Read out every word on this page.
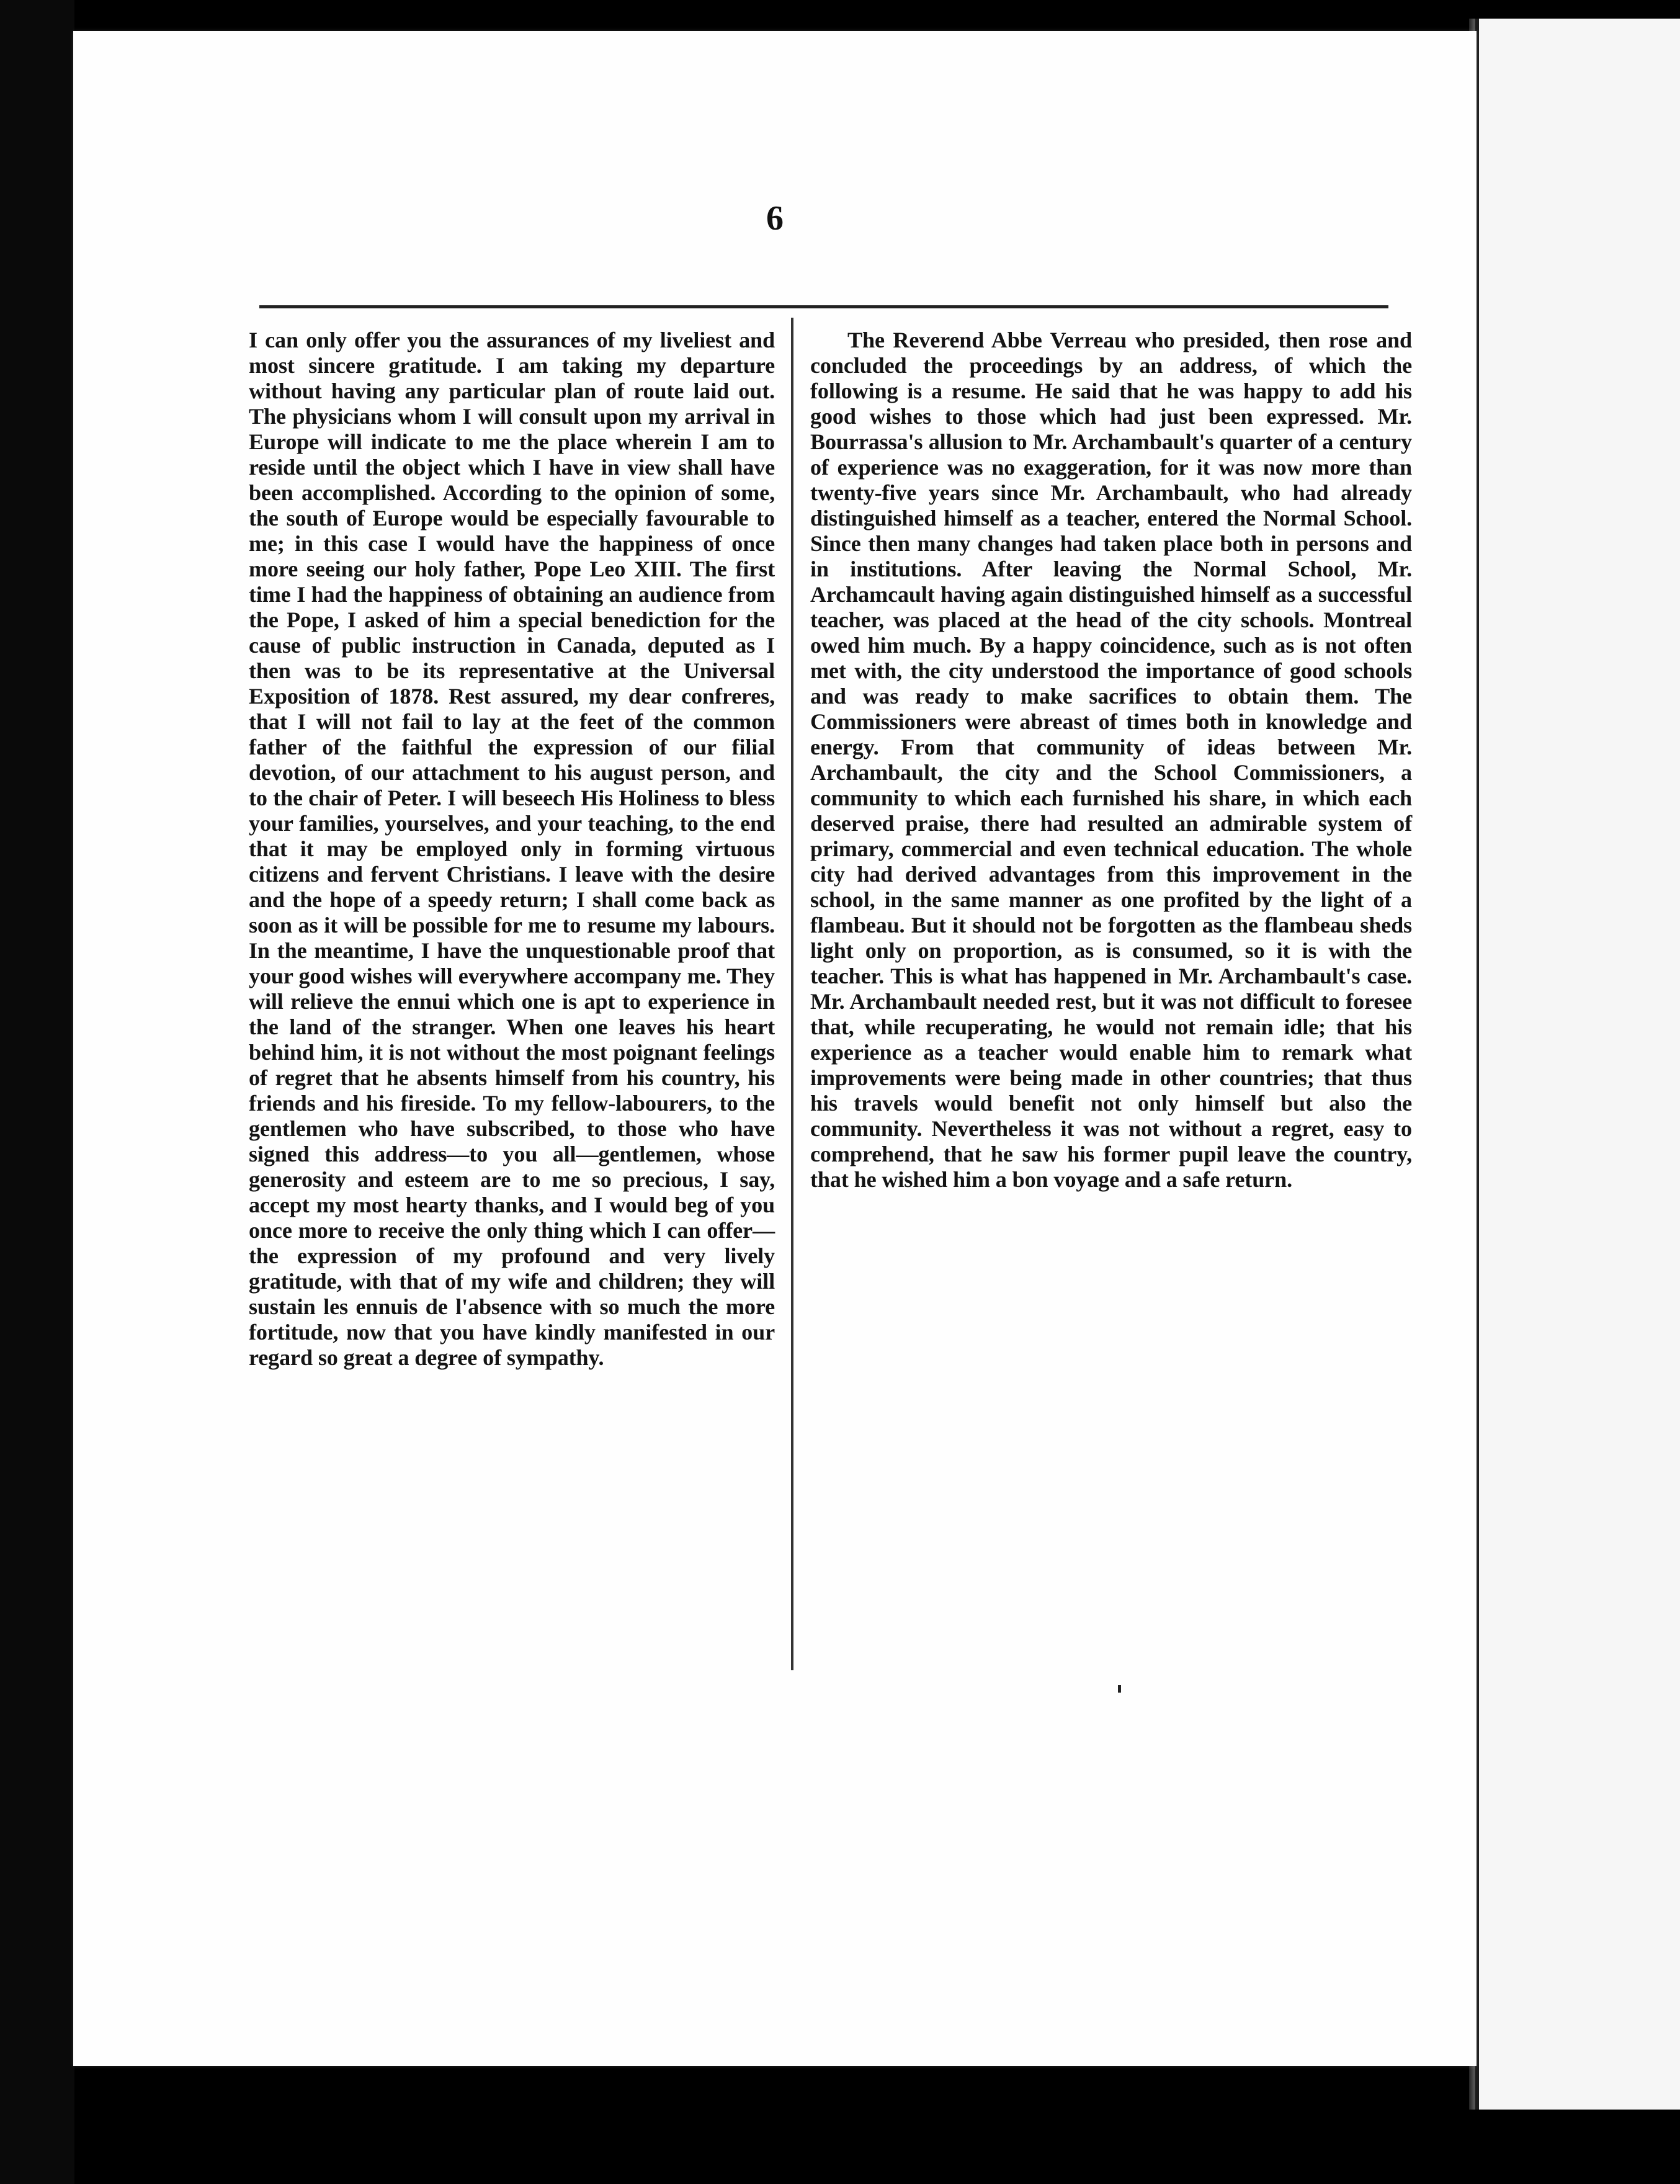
6

I can only offer you the assurances of my liveliest and most sincere gratitude. I am taking my departure without having any particular plan of route laid out. The physicians whom I will consult upon my arrival in Europe will indicate to me the place wherein I am to reside until the object which I have in view shall have been accomplished. According to the opinion of some, the south of Europe would be especially favourable to me; in this case I would have the happiness of once more seeing our holy father, Pope Leo XIII. The first time I had the happiness of obtaining an audience from the Pope, I asked of him a special benediction for the cause of public instruction in Canada, deputed as I then was to be its representative at the Universal Exposition of 1878. Rest assured, my dear confreres, that I will not fail to lay at the feet of the common father of the faithful the expression of our filial devotion, of our attachment to his august person, and to the chair of Peter. I will beseech His Holiness to bless your families, yourselves, and your teaching, to the end that it may be employed only in forming virtuous citizens and fervent Christians. I leave with the desire and the hope of a speedy return; I shall come back as soon as it will be possible for me to resume my labours. In the meantime, I have the unquestionable proof that your good wishes will everywhere accompany me. They will relieve the ennui which one is apt to experience in the land of the stranger. When one leaves his heart behind him, it is not without the most poignant feelings of regret that he absents himself from his country, his friends and his fireside. To my fellow-labourers, to the gentlemen who have subscribed, to those who have signed this address—to you all—gentlemen, whose generosity and esteem are to me so precious, I say, accept my most hearty thanks, and I would beg of you once more to receive the only thing which I can offer—the expression of my profound and very lively gratitude, with that of my wife and children; they will sustain les ennuis de l'absence with so much the more fortitude, now that you have kindly manifested in our regard so great a degree of sympathy.

The Reverend Abbe Verreau who presided, then rose and concluded the proceedings by an address, of which the following is a resume. He said that he was happy to add his good wishes to those which had just been expressed. Mr. Bourrassa's allusion to Mr. Archambault's quarter of a century of experience was no exaggeration, for it was now more than twenty-five years since Mr. Archambault, who had already distinguished himself as a teacher, entered the Normal School. Since then many changes had taken place both in persons and in institutions. After leaving the Normal School, Mr. Archamcault having again distinguished himself as a successful teacher, was placed at the head of the city schools. Montreal owed him much. By a happy coincidence, such as is not often met with, the city understood the importance of good schools and was ready to make sacrifices to obtain them. The Commissioners were abreast of times both in knowledge and energy. From that community of ideas between Mr. Archambault, the city and the School Commissioners, a community to which each furnished his share, in which each deserved praise, there had resulted an admirable system of primary, commercial and even technical education. The whole city had derived advantages from this improvement in the school, in the same manner as one profited by the light of a flambeau. But it should not be forgotten as the flambeau sheds light only on proportion, as is consumed, so it is with the teacher. This is what has happened in Mr. Archambault's case. Mr. Archambault needed rest, but it was not difficult to foresee that, while recuperating, he would not remain idle; that his experience as a teacher would enable him to remark what improvements were being made in other countries; that thus his travels would benefit not only himself but also the community. Nevertheless it was not without a regret, easy to comprehend, that he saw his former pupil leave the country, that he wished him a bon voyage and a safe return.
